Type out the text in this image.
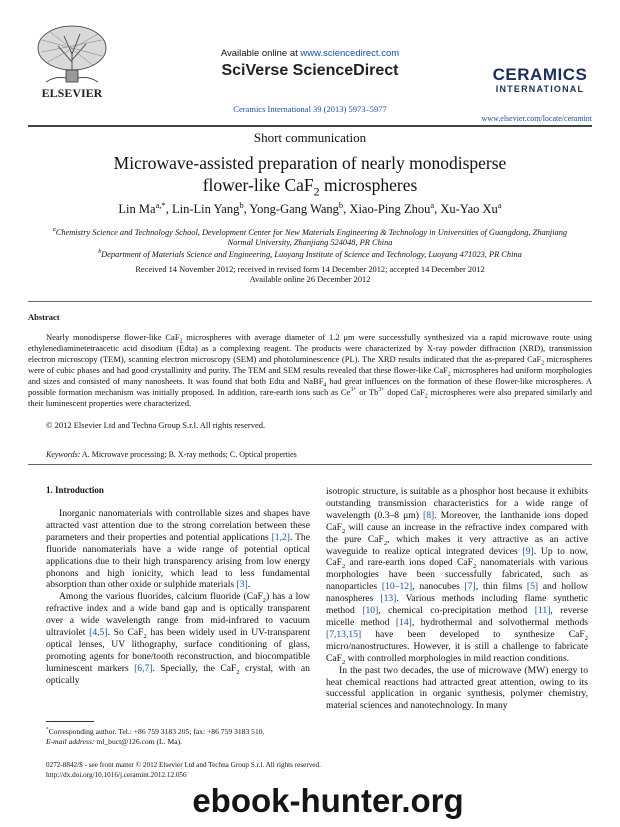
ELSEVIER
Available online at www.sciencedirect.com
SciVerse ScienceDirect
Ceramics International 39 (2013) 5973–5977
CERAMICS
INTERNATIONAL
www.elsevier.com/locate/ceramint
Short communication
Microwave-assisted preparation of nearly monodisperse
flower-like CaF$_2$ microspheres
Lin $Ma^{a,*}$, Lin-Lin Yang$^b$, Yong-Gang Wang$^b$, Xiao-Ping Zhou$^a$, Xu-Yao Xu$^a$
$^a$Chemistry Science and Technology School, Development Center for New Materials Engineering & Technology in Universities of Guangdong, Zhanjiang Normal University, Zhanjiang 524048, PR China
$^b$Department of Materials Science and Engineering, Luoyang Institute of Science and Technology, Luoyang 471023, PR China
Received 14 November 2012; received in revised form 14 December 2012; accepted 14 December 2012
Available online 26 December 2012
Abstract
Nearly monodisperse flower-like CaF$_2$ microspheres with average diameter of 1.2 μm were successfully synthesized via a rapid microwave route using ethylenediaminetetraacetic acid disodium (Edta) as a complexing reagent. The products were characterized by X-ray powder diffraction (XRD), transmission electron microscopy (TEM), scanning electron microscopy (SEM) and photoluminescence (PL). The XRD results indicated that the as-prepared CaF$_2$ microspheres were of cubic phases and had good crystallinity and purity. The TEM and SEM results revealed that these flower-like CaF$_2$ microspheres had uniform morphologies and sizes and consisted of many nanosheets. It was found that both Edta and NaBF$_4$ had great influences on the formation of these flower-like microspheres. A possible formation mechanism was initially proposed. In addition, rare-earth ions such as $Ce^{3+}$ or $Tb^{3+}$ doped CaF$_2$ microspheres were also prepared similarly and their luminescent properties were characterized.
© 2012 Elsevier Ltd and Techna Group S.r.l. All rights reserved.
Keywords: A. Microwave processing; B. X-ray methods; C. Optical properties
1. Introduction

Inorganic nanomaterials with controllable sizes and shapes have attracted vast attention due to the strong correlation between these parameters and their properties and potential applications [1,2]. The fluoride nanomaterials have a wide range of potential optical applications due to their high transparency arising from low energy phonons and high ionicity, which lead to less fundamental absorption than other oxide or sulphide materials [3].

Among the various fluorides, calcium fluoride (CaF$_2$) has a low refractive index and a wide band gap and is optically transparent over a wide wavelength range from mid-infrared to vacuum ultraviolet [4,5]. So CaF$_2$ has been widely used in UV-transparent optical lenses, UV lithography, surface conditioning of glass, promoting agents for bone/tooth reconstruction, and biocompatible luminescent markers [6,7]. Specially, the CaF$_2$ crystal, with an optically

isotropic structure, is suitable as a phosphor host because it exhibits outstanding transmission characteristics for a wide range of wavelength (0.3–8 μm) [8]. Moreover, the lanthanide ions doped CaF$_2$ will cause an increase in the refractive index compared with the pure CaF$_2$, which makes it very attractive as an active waveguide to realize optical integrated devices [9]. Up to now, CaF$_2$ and rare-earth ions doped CaF$_2$ nanomaterials with various morphologies have been successfully fabricated, such as nanoparticles [10–12], nanocubes [7], thin films [5] and hollow nanospheres [13]. Various methods including flame synthetic method [10], chemical co-precipitation method [11], reverse micelle method [14], hydrothermal and solvothermal methods [7,13,15] have been developed to synthesize CaF$_2$ micro/nanostructures. However, it is still a challenge to fabricate CaF$_2$ with controlled morphologies in mild reaction conditions.

In the past two decades, the use of microwave (MW) energy to heat chemical reactions had attracted great attention, owing to its successful application in organic synthesis, polymer chemistry, material sciences and nanotechnology. In many

*Corresponding author. Tel.: +86 759 3183 205; fax: +86 759 3183 510.
E-mail address: ml_buct@126.com (L. Ma).
0272-8842/$ - see front matter © 2012 Elsevier Ltd and Techna Group S.r.l. All rights reserved.
http://dx.doi.org/10.1016/j.ceramint.2012.12.056
ebook-hunter.org
